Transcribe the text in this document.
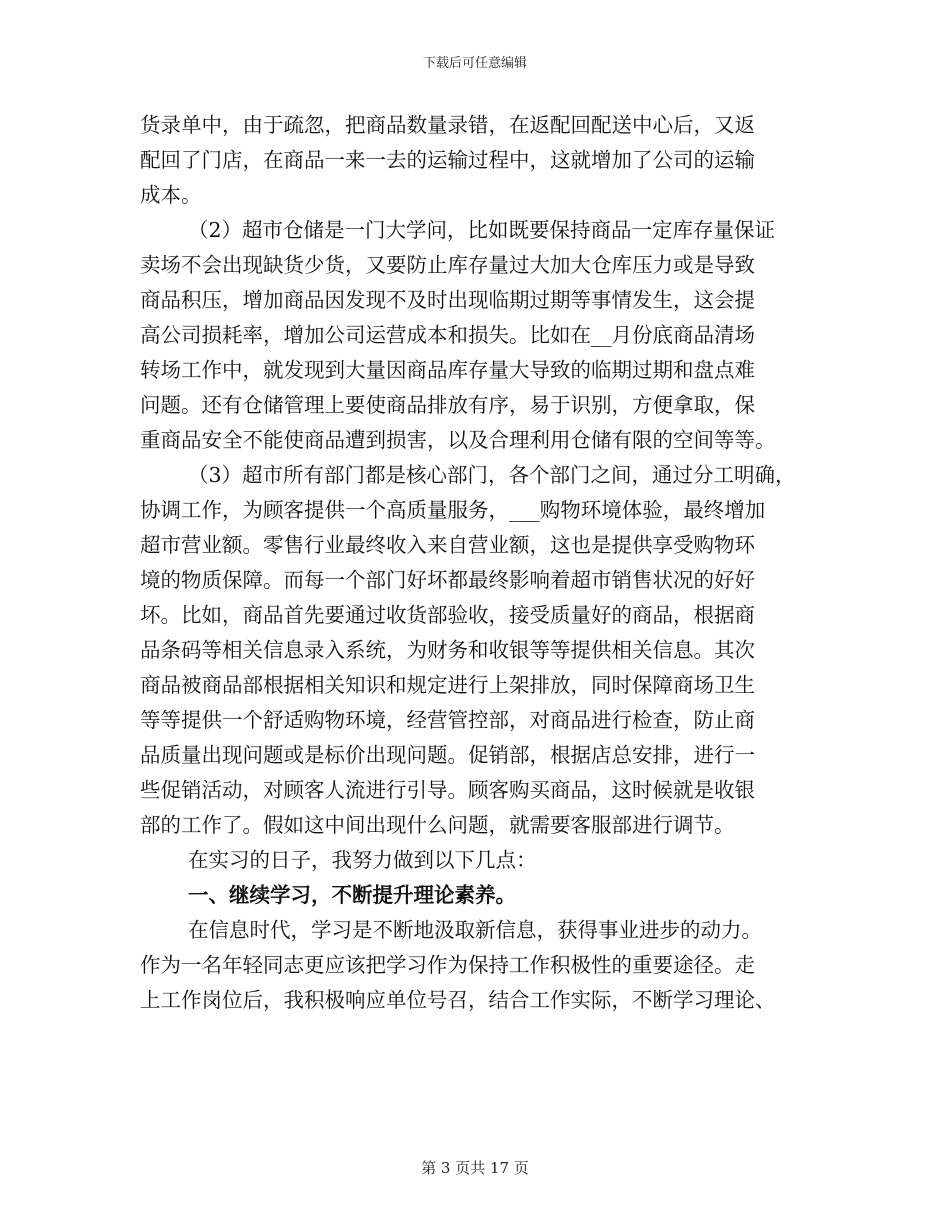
下载后可任意编辑
货录单中，由于疏忽，把商品数量录错，在返配回配送中心后，又返
配回了门店，在商品一来一去的运输过程中，这就增加了公司的运输
成本。
（2）超市仓储是一门大学问，比如既要保持商品一定库存量保证
卖场不会出现缺货少货，又要防止库存量过大加大仓库压力或是导致
商品积压，增加商品因发现不及时出现临期过期等事情发生，这会提
高公司损耗率，增加公司运营成本和损失。比如在__月份底商品清场
转场工作中，就发现到大量因商品库存量大导致的临期过期和盘点难
问题。还有仓储管理上要使商品排放有序，易于识别，方便拿取，保
重商品安全不能使商品遭到损害，以及合理利用仓储有限的空间等等。
（3）超市所有部门都是核心部门，各个部门之间，通过分工明确，
协调工作，为顾客提供一个高质量服务，___购物环境体验，最终增加
超市营业额。零售行业最终收入来自营业额，这也是提供享受购物环
境的物质保障。而每一个部门好坏都最终影响着超市销售状况的好好
坏。比如，商品首先要通过收货部验收，接受质量好的商品，根据商
品条码等相关信息录入系统，为财务和收银等等提供相关信息。其次
商品被商品部根据相关知识和规定进行上架排放，同时保障商场卫生
等等提供一个舒适购物环境，经营管控部，对商品进行检查，防止商
品质量出现问题或是标价出现问题。促销部，根据店总安排，进行一
些促销活动，对顾客人流进行引导。顾客购买商品，这时候就是收银
部的工作了。假如这中间出现什么问题，就需要客服部进行调节。
在实习的日子，我努力做到以下几点：
一、继续学习，不断提升理论素养。
在信息时代，学习是不断地汲取新信息，获得事业进步的动力。
作为一名年轻同志更应该把学习作为保持工作积极性的重要途径。走
上工作岗位后，我积极响应单位号召，结合工作实际，不断学习理论、
第 3 页共 17 页
